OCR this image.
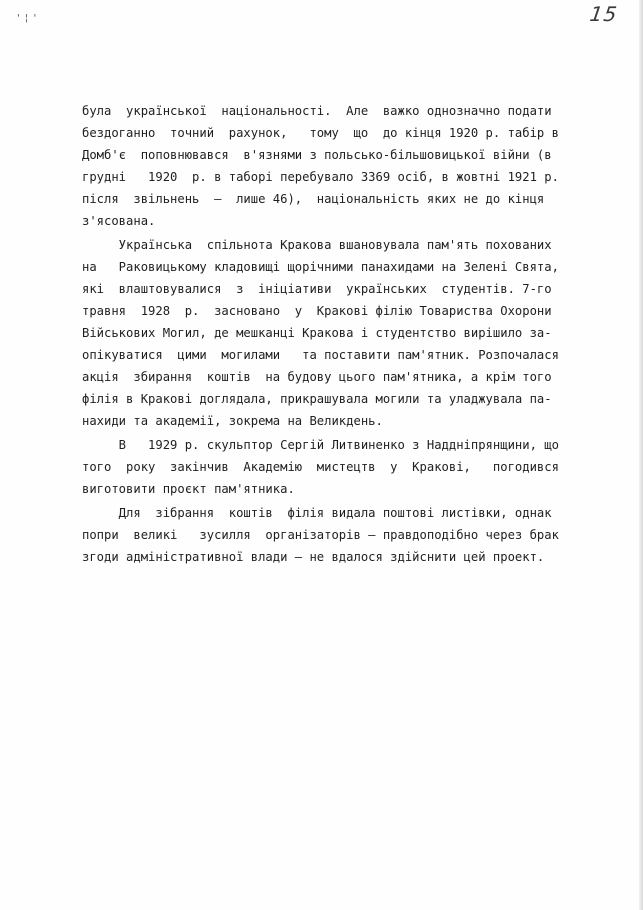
' ¦ '	15
була  української  національності.  Але  важко однозначно подати
бездоганно  точний  рахунок,   тому  що  до кінця 1920 р. табір в
Домб'є  поповнювався  в'язнями з польсько-більшовицької війни (в
грудні   1920  р. в таборі перебувало 3369 осіб, в жовтні 1921 р.
після  звільнень  –  лише 46),  національність яких не до кінця
з'ясована.
Українська  спільнота Кракова вшановувала пам'ять похованих
на   Раковицькому кладовищі щорічними панахидами на Зелені Свята,
які  влаштовувалися  з  ініціативи  українських  студентів. 7-го
травня  1928  р.  засновано  у  Кракові філію Товариства Охорони
Військових Могил, де мешканці Кракова і студентство вирішило за-
опікуватися  цими  могилами   та поставити пам'ятник. Розпочалася
акція  збирання  коштів  на будову цього пам'ятника, а крім того
філія в Кракові доглядала, прикрашувала могили та уладжувала па-
нахиди та академії, зокрема на Великдень.
В   1929 р. скульптор Сергій Литвиненко з Наддніпрянщини, що
того  року  закінчив  Академію  мистецтв  у  Кракові,   погодився
виготовити проєкт пам'ятника.
Для  зібрання  коштів  філія видала поштові листівки, однак
попри  великі   зусилля  організаторів – правдоподібно через брак
згоди адміністративної влади – не вдалося здійснити цей проект.
